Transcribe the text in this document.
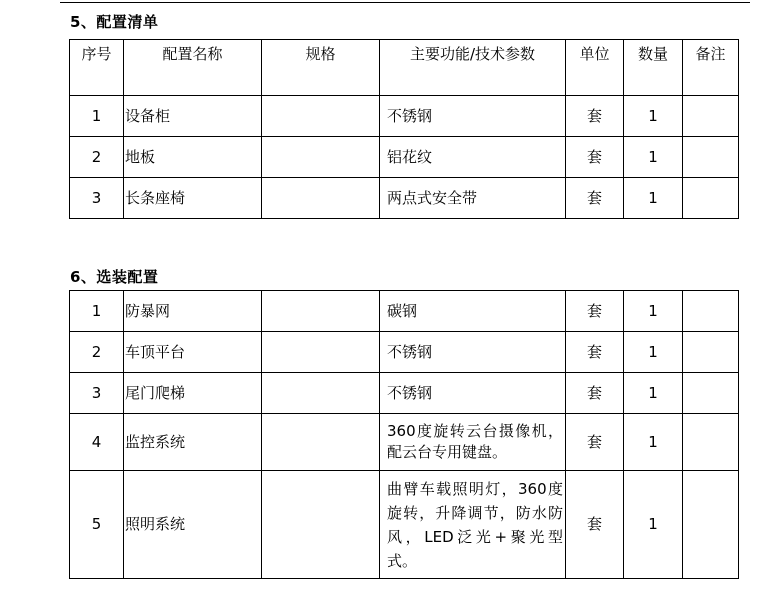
5、配置清单
序号	配置名称	规格	主要功能/技术参数	单位	数量	备注
1	设备柜		不锈钢	套	1	
2	地板		铝花纹	套	1	
3	长条座椅		两点式安全带	套	1	
6、选装配置
1	防暴网		碳钢	套	1	
2	车顶平台		不锈钢	套	1	
3	尾门爬梯		不锈钢	套	1	
4	监控系统		360度旋转云台摄像机，配云台专用键盘。	套	1	
5	照明系统		曲臂车载照明灯，360度旋转，升降调节，防水防风，LED泛光+聚光型式。	套	1	
